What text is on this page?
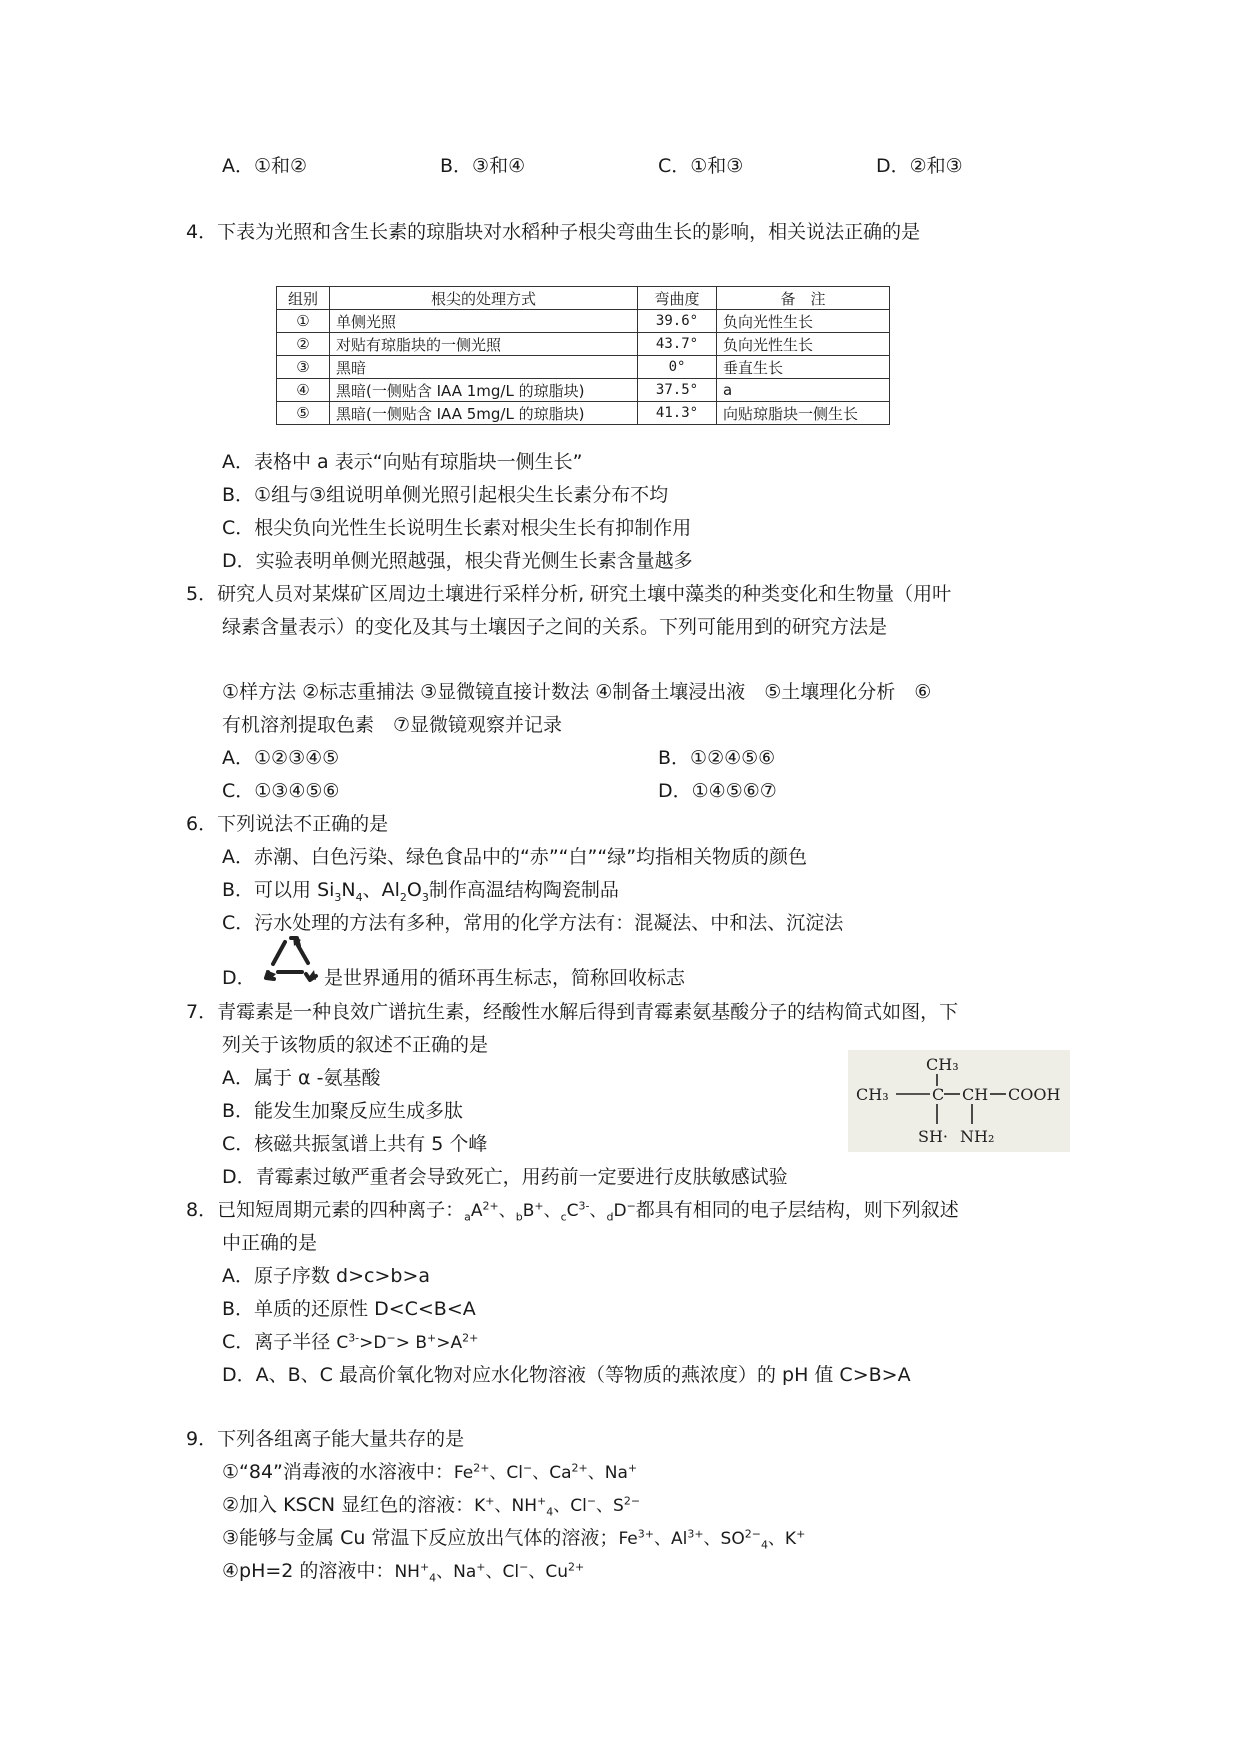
A．①和②	B．③和④	C．①和③	D．②和③
4．下表为光照和含生长素的琼脂块对水稻种子根尖弯曲生长的影响，相关说法正确的是
组别	根尖的处理方式	弯曲度	备　注
①	单侧光照	39.6°	负向光性生长
②	对贴有琼脂块的一侧光照	43.7°	负向光性生长
③	黑暗	0°	垂直生长
④	黑暗(一侧贴含 IAA 1mg/L 的琼脂块)	37.5°	a
⑤	黑暗(一侧贴含 IAA 5mg/L 的琼脂块)	41.3°	向贴琼脂块一侧生长
A．表格中 a 表示“向贴有琼脂块一侧生长”
B．①组与③组说明单侧光照引起根尖生长素分布不均
C．根尖负向光性生长说明生长素对根尖生长有抑制作用
D．实验表明单侧光照越强，根尖背光侧生长素含量越多
5．研究人员对某煤矿区周边土壤进行采样分析, 研究土壤中藻类的种类变化和生物量（用叶
绿素含量表示）的变化及其与土壤因子之间的关系。下列可能用到的研究方法是
①样方法 ②标志重捕法 ③显微镜直接计数法 ④制备土壤浸出液　⑤土壤理化分析　⑥
有机溶剂提取色素　⑦显微镜观察并记录
A．①②③④⑤	B．①②④⑤⑥
C．①③④⑤⑥	D．①④⑤⑥⑦
6．下列说法不正确的是
A．赤潮、白色污染、绿色食品中的“赤”“白”“绿”均指相关物质的颜色
B．可以用 $Si_3N_4$、$Al_2O_3$制作高温结构陶瓷制品
C．污水处理的方法有多种，常用的化学方法有：混凝法、中和法、沉淀法
D．	是世界通用的循环再生标志，简称回收标志
7．青霉素是一种良效广谱抗生素，经酸性水解后得到青霉素氨基酸分子的结构简式如图，下
列关于该物质的叙述不正确的是
A．属于 α -氨基酸
B．能发生加聚反应生成多肽
C．核磁共振氢谱上共有 5 个峰
D．青霉素过敏严重者会导致死亡，用药前一定要进行皮肤敏感试验
CH₃
CH₃	C CH COOH
SH· NH₂
8．已知短周期元素的四种离子：$_aA^{2+}$、$_b$B+、$_cC^{3-}$、$_d$D−都具有相同的电子层结构，则下列叙述
中正确的是
A．原子序数 d>c>b>a
B．单质的还原性 D<C<B<A
C．离子半径 $C^{3-}>D^-> B^+>A^{2+}$
D．A、B、C 最高价氧化物对应水化物溶液（等物质的燕浓度）的 pH 值 C>B>A
9．下列各组离子能大量共存的是
①“84”消毒液的水溶液中：$Fe^{2+}$、Cl−、$Ca^{2+}$、Na+
②加入 KSCN 显红色的溶液：K+、$NH^+_4$、Cl−、$S^{2-}$
③能够与金属 Cu 常温下反应放出气体的溶液；$Fe^{3+}$、$Al^{3+}$、$SO^{2-}_4$、K+
④pH=2 的溶液中：$NH^+_4$、Na+、Cl−、$Cu^{2+}$
